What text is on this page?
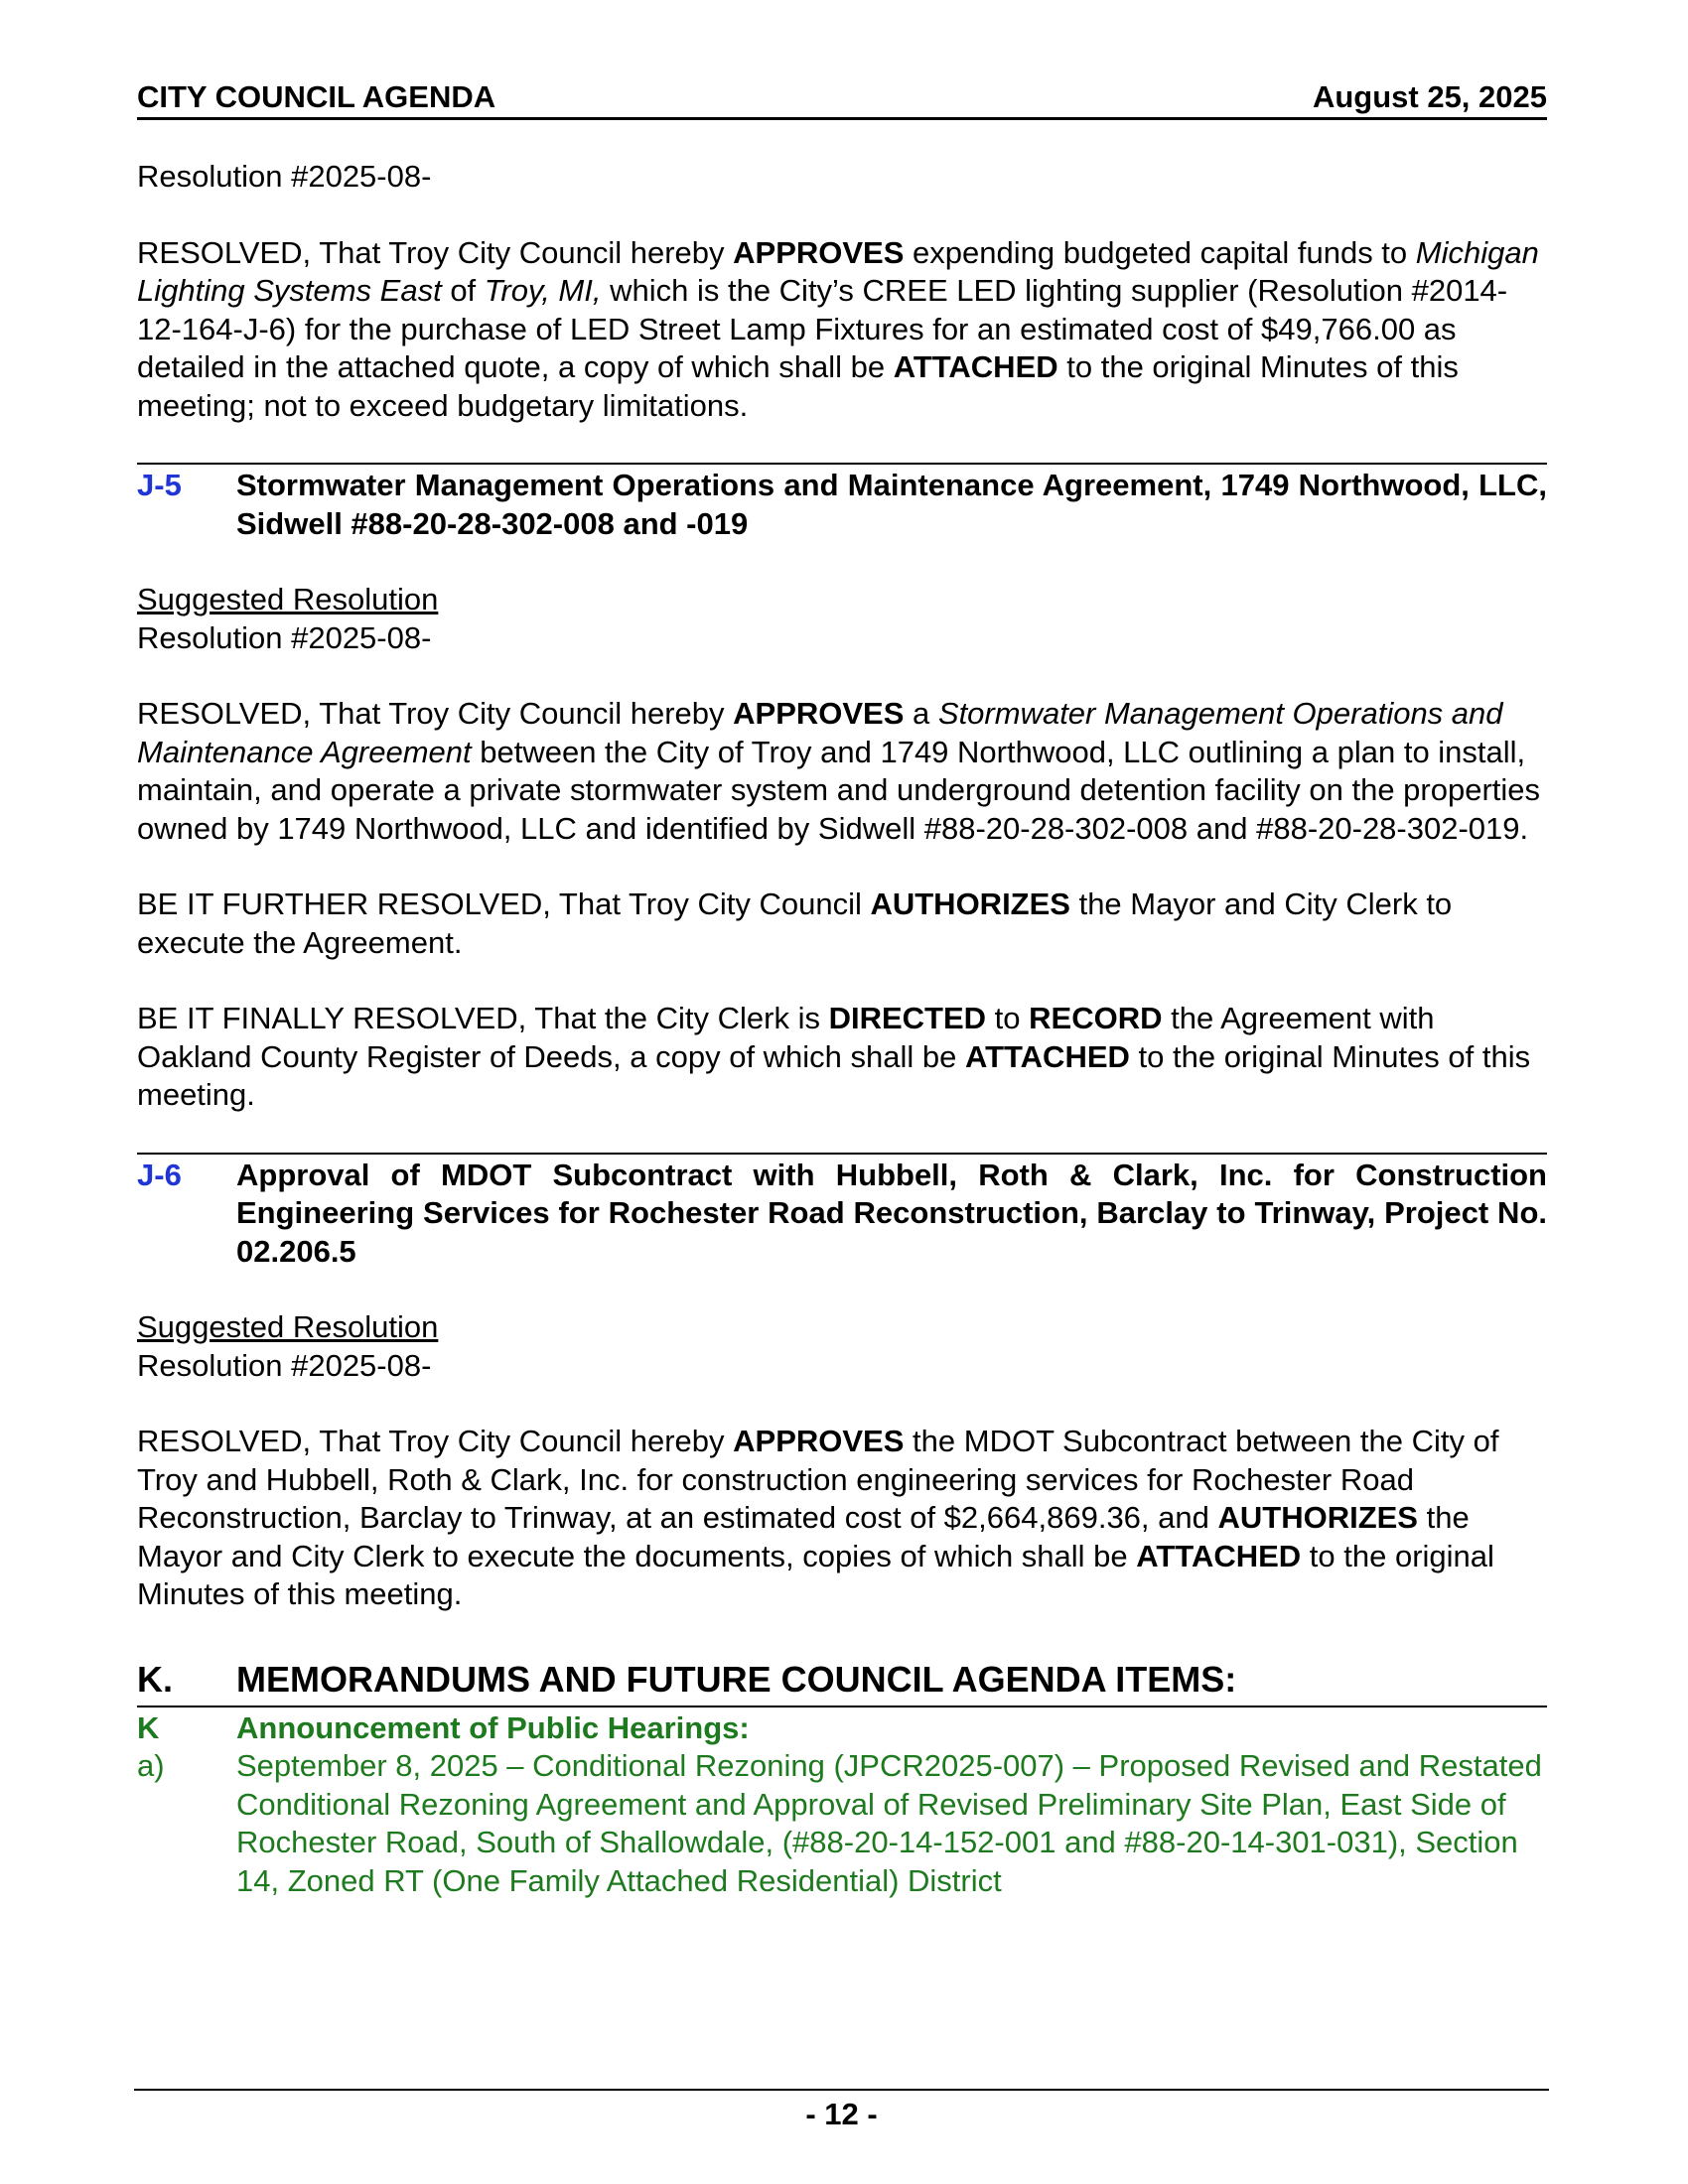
CITY COUNCIL AGENDA	August 25, 2025

Resolution #2025-08-

RESOLVED, That Troy City Council hereby APPROVES expending budgeted capital funds to Michigan Lighting Systems East of Troy, MI, which is the City’s CREE LED lighting supplier (Resolution #2014-12-164-J-6) for the purchase of LED Street Lamp Fixtures for an estimated cost of $49,766.00 as detailed in the attached quote, a copy of which shall be ATTACHED to the original Minutes of this meeting; not to exceed budgetary limitations.

J-5	Stormwater Management Operations and Maintenance Agreement, 1749 Northwood, LLC, Sidwell #88-20-28-302-008 and -019

Suggested Resolution

Resolution #2025-08-

RESOLVED, That Troy City Council hereby APPROVES a Stormwater Management Operations and Maintenance Agreement between the City of Troy and 1749 Northwood, LLC outlining a plan to install, maintain, and operate a private stormwater system and underground detention facility on the properties owned by 1749 Northwood, LLC and identified by Sidwell #88-20-28-302-008 and #88-20-28-302-019.

BE IT FURTHER RESOLVED, That Troy City Council AUTHORIZES the Mayor and City Clerk to execute the Agreement.

BE IT FINALLY RESOLVED, That the City Clerk is DIRECTED to RECORD the Agreement with Oakland County Register of Deeds, a copy of which shall be ATTACHED to the original Minutes of this meeting.

J-6	Approval of MDOT Subcontract with Hubbell, Roth & Clark, Inc. for Construction Engineering Services for Rochester Road Reconstruction, Barclay to Trinway, Project No. 02.206.5

Suggested Resolution

Resolution #2025-08-

RESOLVED, That Troy City Council hereby APPROVES the MDOT Subcontract between the City of Troy and Hubbell, Roth & Clark, Inc. for construction engineering services for Rochester Road Reconstruction, Barclay to Trinway, at an estimated cost of $2,664,869.36, and AUTHORIZES the Mayor and City Clerk to execute the documents, copies of which shall be ATTACHED to the original Minutes of this meeting.

K.	MEMORANDUMS AND FUTURE COUNCIL AGENDA ITEMS:
K	Announcement of Public Hearings:
a)	September 8, 2025 – Conditional Rezoning (JPCR2025-007) – Proposed Revised and Restated Conditional Rezoning Agreement and Approval of Revised Preliminary Site Plan, East Side of Rochester Road, South of Shallowdale, (#88-20-14-152-001 and #88-20-14-301-031), Section 14, Zoned RT (One Family Attached Residential) District
- 12 -
